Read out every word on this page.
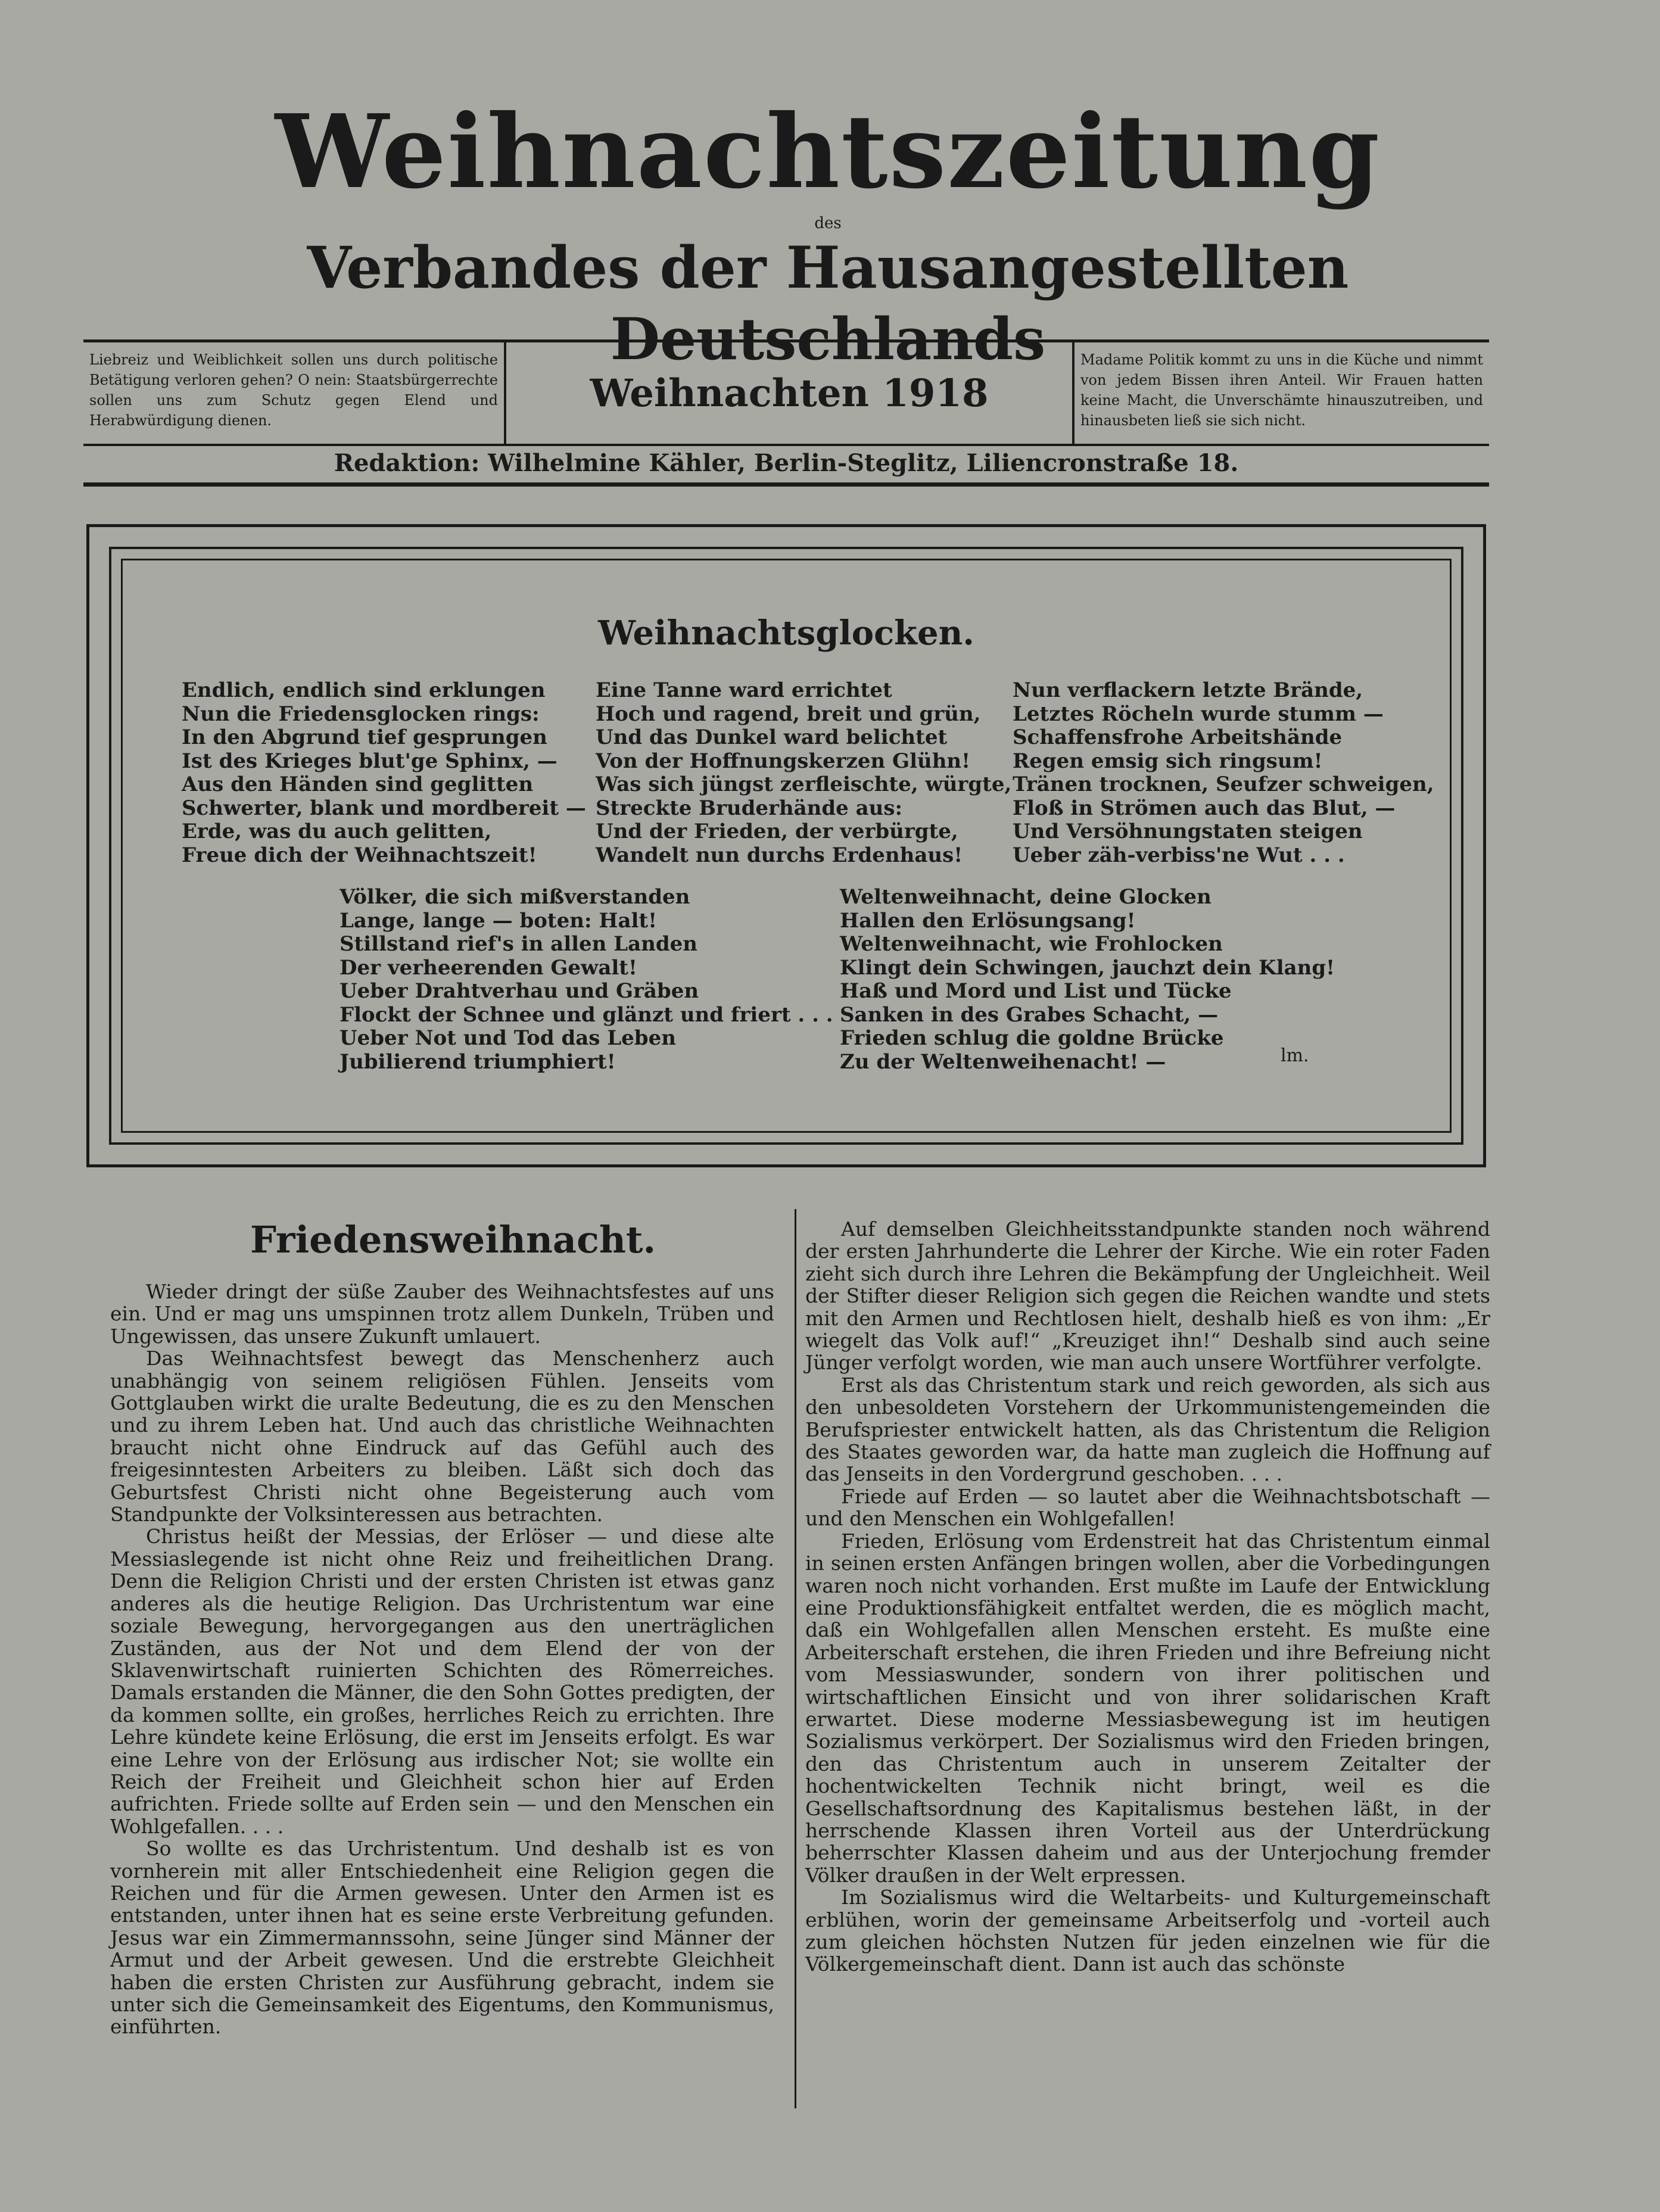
Weihnachtszeitung

des

Verbandes der Hausangestellten Deutschlands

Liebreiz und Weiblichkeit sollen uns durch politische Betätigung verloren gehen? O nein: Staatsbürgerrechte sollen uns zum Schutz gegen Elend und Herabwürdigung dienen.
Weihnachten 1918
Madame Politik kommt zu uns in die Küche und nimmt von jedem Bissen ihren Anteil. Wir Frauen hatten keine Macht, die Unverschämte hinauszutreiben, und hinausbeten ließ sie sich nicht.
Redaktion: Wilhelmine Kähler, Berlin-Steglitz, Liliencronstraße 18.
Weihnachtsglocken.
Endlich, endlich sind erklungen
Nun die Friedensglocken rings:
In den Abgrund tief gesprungen
Ist des Krieges blut'ge Sphinx, —
Aus den Händen sind geglitten
Schwerter, blank und mordbereit —
Erde, was du auch gelitten,
Freue dich der Weihnachtszeit!
Eine Tanne ward errichtet
Hoch und ragend, breit und grün,
Und das Dunkel ward belichtet
Von der Hoffnungskerzen Glühn!
Was sich jüngst zerfleischte, würgte,
Streckte Bruderhände aus:
Und der Frieden, der verbürgte,
Wandelt nun durchs Erdenhaus!
Nun verflackern letzte Brände,
Letztes Röcheln wurde stumm —
Schaffensfrohe Arbeitshände
Regen emsig sich ringsum!
Tränen trocknen, Seufzer schweigen,
Floß in Strömen auch das Blut, —
Und Versöhnungstaten steigen
Ueber zäh-verbiss'ne Wut . . .
Völker, die sich mißverstanden
Lange, lange — boten: Halt!
Stillstand rief's in allen Landen
Der verheerenden Gewalt!
Ueber Drahtverhau und Gräben
Flockt der Schnee und glänzt und friert . . .
Ueber Not und Tod das Leben
Jubilierend triumphiert!
Weltenweihnacht, deine Glocken
Hallen den Erlösungsang!
Weltenweihnacht, wie Frohlocken
Klingt dein Schwingen, jauchzt dein Klang!
Haß und Mord und List und Tücke
Sanken in des Grabes Schacht, —
Frieden schlug die goldne Brücke
Zu der Weltenweihenacht! —	lm.
Friedensweihnacht.

Wieder dringt der süße Zauber des Weihnachtsfestes auf uns ein. Und er mag uns umspinnen trotz allem Dunkeln, Trüben und Ungewissen, das unsere Zukunft umlauert.

Das Weihnachtsfest bewegt das Menschenherz auch unabhängig von seinem religiösen Fühlen. Jenseits vom Gottglauben wirkt die uralte Bedeutung, die es zu den Menschen und zu ihrem Leben hat. Und auch das christliche Weihnachten braucht nicht ohne Eindruck auf das Gefühl auch des freigesinntesten Arbeiters zu bleiben. Läßt sich doch das Geburtsfest Christi nicht ohne Begeisterung auch vom Standpunkte der Volksinteressen aus betrachten.

Christus heißt der Messias, der Erlöser — und diese alte Messiaslegende ist nicht ohne Reiz und freiheitlichen Drang. Denn die Religion Christi und der ersten Christen ist etwas ganz anderes als die heutige Religion. Das Urchristentum war eine soziale Bewegung, hervorgegangen aus den unerträglichen Zuständen, aus der Not und dem Elend der von der Sklavenwirtschaft ruinierten Schichten des Römerreiches. Damals erstanden die Männer, die den Sohn Gottes predigten, der da kommen sollte, ein großes, herrliches Reich zu errichten. Ihre Lehre kündete keine Erlösung, die erst im Jenseits erfolgt. Es war eine Lehre von der Erlösung aus irdischer Not; sie wollte ein Reich der Freiheit und Gleichheit schon hier auf Erden aufrichten. Friede sollte auf Erden sein — und den Menschen ein Wohlgefallen. . . .

So wollte es das Urchristentum. Und deshalb ist es von vornherein mit aller Entschiedenheit eine Religion gegen die Reichen und für die Armen gewesen. Unter den Armen ist es entstanden, unter ihnen hat es seine erste Verbreitung gefunden. Jesus war ein Zimmermannssohn, seine Jünger sind Männer der Armut und der Arbeit gewesen. Und die erstrebte Gleichheit haben die ersten Christen zur Ausführung gebracht, indem sie unter sich die Gemeinsamkeit des Eigentums, den Kommunismus, einführten.

Auf demselben Gleichheitsstandpunkte standen noch während der ersten Jahrhunderte die Lehrer der Kirche. Wie ein roter Faden zieht sich durch ihre Lehren die Bekämpfung der Ungleichheit. Weil der Stifter dieser Religion sich gegen die Reichen wandte und stets mit den Armen und Rechtlosen hielt, deshalb hieß es von ihm: „Er wiegelt das Volk auf!“ „Kreuziget ihn!“ Deshalb sind auch seine Jünger verfolgt worden, wie man auch unsere Wortführer verfolgte.

Erst als das Christentum stark und reich geworden, als sich aus den unbesoldeten Vorstehern der Urkommunistengemeinden die Berufspriester entwickelt hatten, als das Christentum die Religion des Staates geworden war, da hatte man zugleich die Hoffnung auf das Jenseits in den Vordergrund geschoben. . . .

Friede auf Erden — so lautet aber die Weihnachtsbotschaft — und den Menschen ein Wohlgefallen!

Frieden, Erlösung vom Erdenstreit hat das Christentum einmal in seinen ersten Anfängen bringen wollen, aber die Vorbedingungen waren noch nicht vorhanden. Erst mußte im Laufe der Entwicklung eine Produktionsfähigkeit entfaltet werden, die es möglich macht, daß ein Wohlgefallen allen Menschen ersteht. Es mußte eine Arbeiterschaft erstehen, die ihren Frieden und ihre Befreiung nicht vom Messiaswunder, sondern von ihrer politischen und wirtschaftlichen Einsicht und von ihrer solidarischen Kraft erwartet. Diese moderne Messiasbewegung ist im heutigen Sozialismus verkörpert. Der Sozialismus wird den Frieden bringen, den das Christentum auch in unserem Zeitalter der hochentwickelten Technik nicht bringt, weil es die Gesellschaftsordnung des Kapitalismus bestehen läßt, in der herrschende Klassen ihren Vorteil aus der Unterdrückung beherrschter Klassen daheim und aus der Unterjochung fremder Völker draußen in der Welt erpressen.

Im Sozialismus wird die Weltarbeits- und Kulturgemeinschaft erblühen, worin der gemeinsame Arbeitserfolg und -vorteil auch zum gleichen höchsten Nutzen für jeden einzelnen wie für die Völkergemeinschaft dient. Dann ist auch das schönste
